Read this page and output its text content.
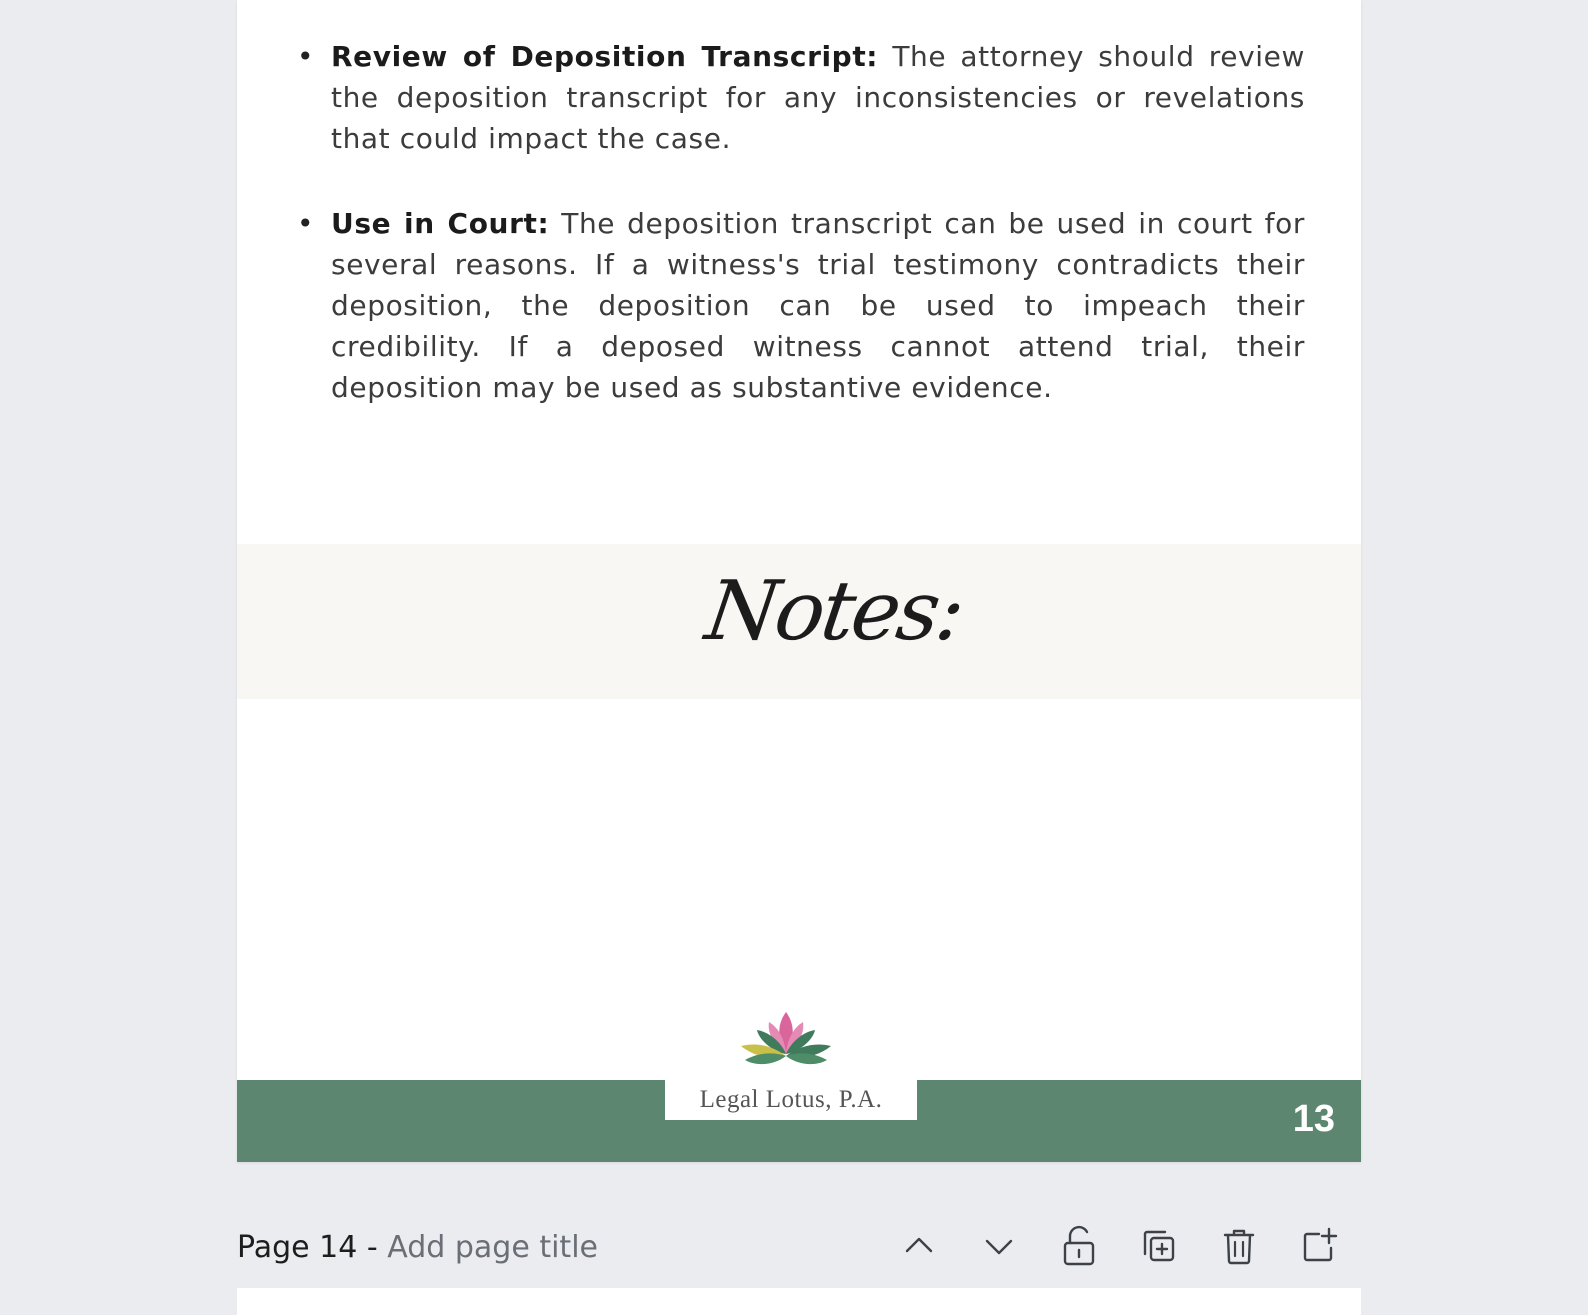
• Review of Deposition Transcript: The attorney should review the deposition transcript for any inconsistencies or revelations that could impact the case.
• Use in Court: The deposition transcript can be used in court for several reasons. If a witness's trial testimony contradicts their deposition, the deposition can be used to impeach their credibility. If a deposed witness cannot attend trial, their deposition may be used as substantive evidence.
Notes:
Legal Lotus, P.A.	13
Page 14 - Add page title
